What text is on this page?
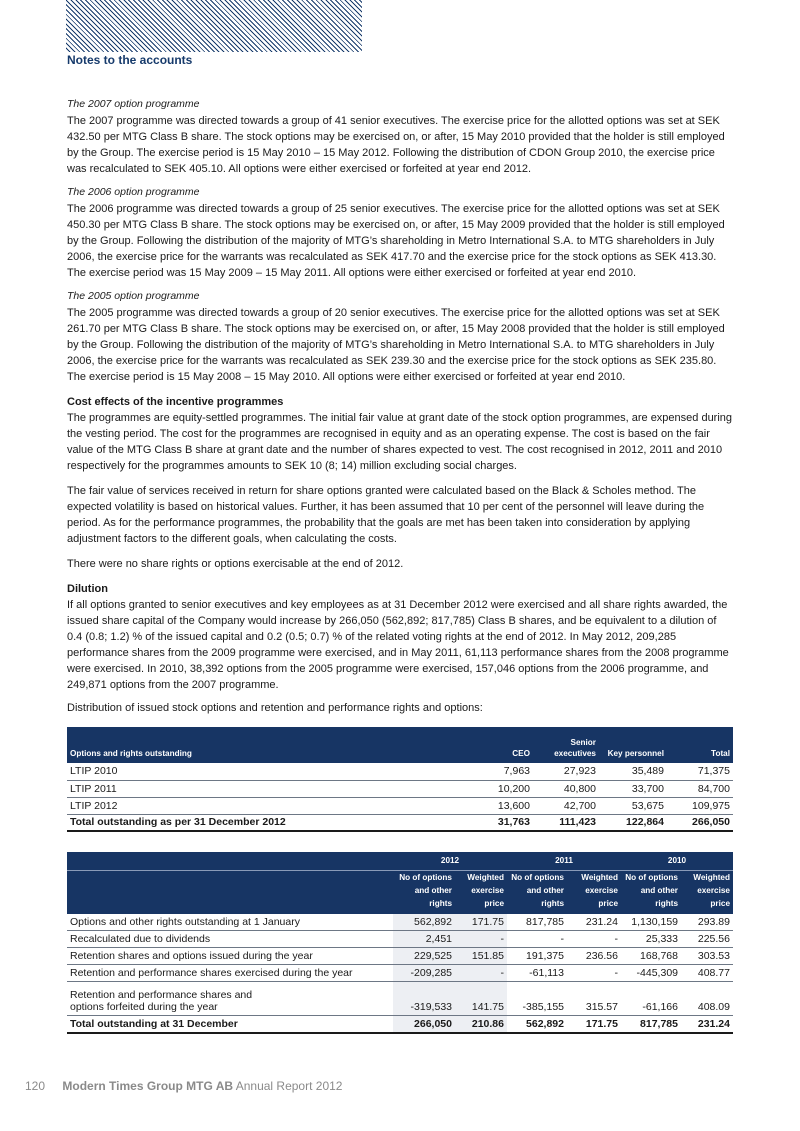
Notes to the accounts
The 2007 option programme
The 2007 programme was directed towards a group of 41 senior executives. The exercise price for the allotted options was set at SEK 432.50 per MTG Class B share. The stock options may be exercised on, or after, 15 May 2010 provided that the holder is still employed by the Group. The exercise period is 15 May 2010 – 15 May 2012. Following the distribution of CDON Group 2010, the exercise price was recalculated to SEK 405.10. All options were either exercised or forfeited at year end 2012.
The 2006 option programme
The 2006 programme was directed towards a group of 25 senior executives. The exercise price for the allotted options was set at SEK 450.30 per MTG Class B share. The stock options may be exercised on, or after, 15 May 2009 provided that the holder is still employed by the Group. Following the distribution of the majority of MTG’s shareholding in Metro International S.A. to MTG shareholders in July 2006, the exercise price for the warrants was recalculated as SEK 417.70 and the exercise price for the stock options as SEK 413.30. The exercise period was 15 May 2009 – 15 May 2011. All options were either exercised or forfeited at year end 2010.
The 2005 option programme
The 2005 programme was directed towards a group of 20 senior executives. The exercise price for the allotted options was set at SEK 261.70 per MTG Class B share. The stock options may be exercised on, or after, 15 May 2008 provided that the holder is still employed by the Group. Following the distribution of the majority of MTG’s shareholding in Metro International S.A. to MTG shareholders in July 2006, the exercise price for the warrants was recalculated as SEK 239.30 and the exercise price for the stock options as SEK 235.80. The exercise period is 15 May 2008 – 15 May 2010. All options were either exercised or forfeited at year end 2010.
Cost effects of the incentive programmes
The programmes are equity-settled programmes. The initial fair value at grant date of the stock option programmes, are expensed during the vesting period. The cost for the programmes are recognised in equity and as an operating expense. The cost is based on the fair value of the MTG Class B share at grant date and the number of shares expected to vest. The cost recognised in 2012, 2011 and 2010 respectively for the programmes amounts to SEK 10 (8; 14) million excluding social charges.
The fair value of services received in return for share options granted were calculated based on the Black & Scholes method. The expected volatility is based on historical values. Further, it has been assumed that 10 per cent of the personnel will leave during the period. As for the performance programmes, the probability that the goals are met has been taken into consideration by applying adjustment factors to the different goals, when calculating the costs.
There were no share rights or options exercisable at the end of 2012.
Dilution
If all options granted to senior executives and key employees as at 31 December 2012 were exercised and all share rights awarded, the issued share capital of the Company would increase by 266,050 (562,892; 817,785) Class B shares, and be equivalent to a dilution of 0.4 (0.8; 1.2) % of the issued capital and 0.2 (0.5; 0.7) % of the related voting rights at the end of 2012. In May 2012, 209,285 performance shares from the 2009 programme were exercised, and in May 2011, 61,113 performance shares from the 2008 programme were exercised. In 2010, 38,392 options from the 2005 programme were exercised, 157,046 options from the 2006 programme, and 249,871 options from the 2007 programme.
Distribution of issued stock options and retention and performance rights and options:
Options and rights outstanding	CEO	Senior executives	Key personnel	Total
LTIP 2010	7,963	27,923	35,489	71,375
LTIP 2011	10,200	40,800	33,700	84,700
LTIP 2012	13,600	42,700	53,675	109,975
Total outstanding as per 31 December 2012	31,763	111,423	122,864	266,050
	2012		2011		2010	
	No of options and other rights	Weighted exercise price	No of options and other rights	Weighted exercise price	No of options and other rights	Weighted exercise price
Options and other rights outstanding at 1 January	562,892	171.75	817,785	231.24	1,130,159	293.89
Recalculated due to dividends	2,451	-	-	-	25,333	225.56
Retention shares and options issued during the year	229,525	151.85	191,375	236.56	168,768	303.53
Retention and performance shares exercised during the year	-209,285	-	-61,113	-	-445,309	408.77
Retention and performance shares and
options forfeited during the year	-319,533	141.75	-385,155	315.57	-61,166	408.09
Total outstanding at 31 December	266,050	210.86	562,892	171.75	817,785	231.24
120 Modern Times Group MTG AB Annual Report 2012
